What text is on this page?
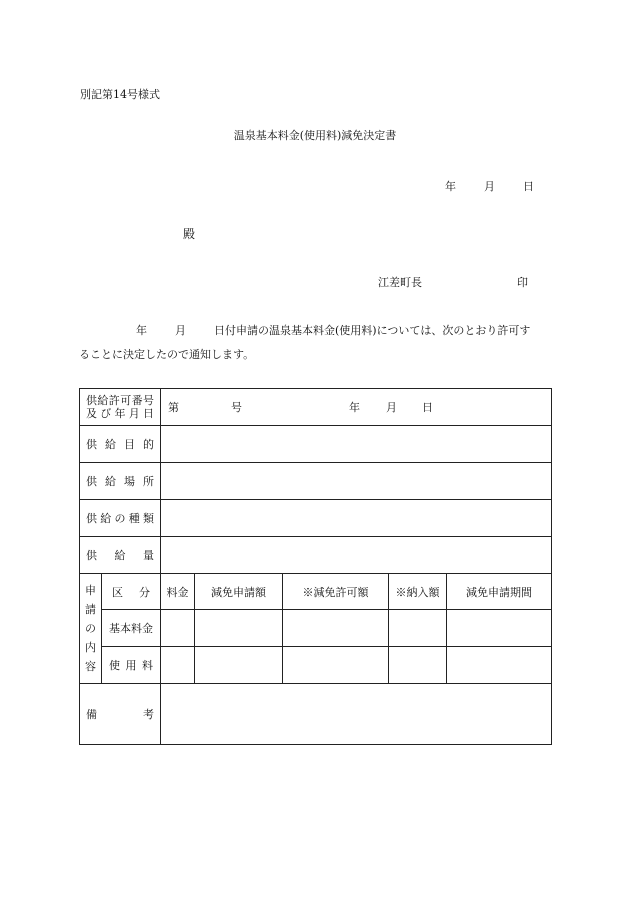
別記第14号様式
温泉基本料金(使用料)減免決定書
年	月	日
殿
江差町長	印
年	月	日付申請の温泉基本料金(使用料)については、次のとおり許可す
ることに決定したので通知します。
供給許可番号
及び年月日		第 号 年 月 日				

供給目的						

供給場所						

供給の種類						

供給量						

申請の内容	区分	料金	減免申請額	※減免許可額	※納入額	減免申請期間
	基本料金					

	使用料					

備考						
